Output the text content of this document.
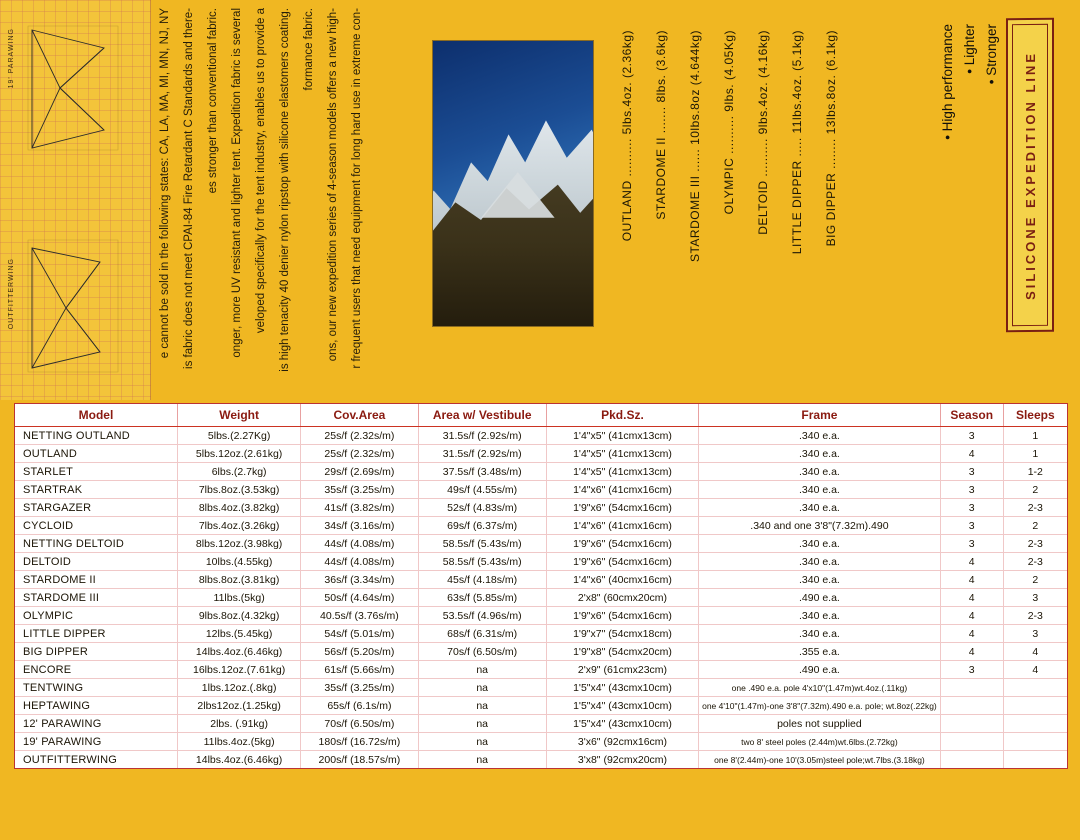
19' PARAWING
OUTFITTERWING	e cannot be sold in the following states: CA, LA, MA, MI, MN, NJ, NY is fabric does not meet CPAI-84 Fire Retardant C Standards and there- es stronger than conventional fabric. onger, more UV resistant and lighter tent. Expedition fabric is several veloped specifically for the tent industry, enables us to provide a is high tenacity 40 denier nylon ripstop with silicone elastomers coating. formance fabric. ons, our new expedition series of 4-season models offers a new high- r frequent users that need equipment for long hard use in extreme con-	OUTLAND .......... 5lbs.4oz. (2.36kg) STARDOME II ....... 8lbs. (3.6kg) STARDOME III ...... 10lbs.8oz (4.644kg) OLYMPIC .......... 9lbs. (4.05Kg) DELTOID .......... 9lbs.4oz. (4.16kg) LITTLE DIPPER ..... 11lbs.4oz. (5.1kg) BIG DIPPER ........ 13lbs.8oz. (6.1kg)	• High performance • Lighter • Stronger
•
SILICONE EXPEDITION LINE
Model	Weight	Cov.Area	Area w/ Vestibule	Pkd.Sz.	Frame	Season	Sleeps
NETTING OUTLAND	5lbs.(2.27Kg)	25s/f (2.32s/m)	31.5s/f (2.92s/m)	1'4"x5" (41cmx13cm)	.340 e.a.	3	1
OUTLAND	5lbs.12oz.(2.61kg)	25s/f (2.32s/m)	31.5s/f (2.92s/m)	1'4"x5" (41cmx13cm)	.340 e.a.	4	1
STARLET	6lbs.(2.7kg)	29s/f (2.69s/m)	37.5s/f (3.48s/m)	1'4"x5" (41cmx13cm)	.340 e.a.	3	1-2
STARTRAK	7lbs.8oz.(3.53kg)	35s/f (3.25s/m)	49s/f (4.55s/m)	1'4"x6" (41cmx16cm)	.340 e.a.	3	2
STARGAZER	8lbs.4oz.(3.82kg)	41s/f (3.82s/m)	52s/f (4.83s/m)	1'9"x6" (54cmx16cm)	.340 e.a.	3	2-3
CYCLOID	7lbs.4oz.(3.26kg)	34s/f (3.16s/m)	69s/f (6.37s/m)	1'4"x6" (41cmx16cm)	.340 and one 3'8"(7.32m).490	3	2
NETTING DELTOID	8lbs.12oz.(3.98kg)	44s/f (4.08s/m)	58.5s/f (5.43s/m)	1'9"x6" (54cmx16cm)	.340 e.a.	3	2-3
DELTOID	10lbs.(4.55kg)	44s/f (4.08s/m)	58.5s/f (5.43s/m)	1'9"x6" (54cmx16cm)	.340 e.a.	4	2-3
STARDOME II	8lbs.8oz.(3.81kg)	36s/f (3.34s/m)	45s/f (4.18s/m)	1'4"x6" (40cmx16cm)	.340 e.a.	4	2
STARDOME III	11lbs.(5kg)	50s/f (4.64s/m)	63s/f (5.85s/m)	2'x8" (60cmx20cm)	.490 e.a.	4	3
OLYMPIC	9lbs.8oz.(4.32kg)	40.5s/f (3.76s/m)	53.5s/f (4.96s/m)	1'9"x6" (54cmx16cm)	.340 e.a.	4	2-3
LITTLE DIPPER	12lbs.(5.45kg)	54s/f (5.01s/m)	68s/f (6.31s/m)	1'9"x7" (54cmx18cm)	.340 e.a.	4	3
BIG DIPPER	14lbs.4oz.(6.46kg)	56s/f (5.20s/m)	70s/f (6.50s/m)	1'9"x8" (54cmx20cm)	.355 e.a.	4	4
ENCORE	16lbs.12oz.(7.61kg)	61s/f (5.66s/m)	na	2'x9" (61cmx23cm)	.490 e.a.	3	4
TENTWING	1lbs.12oz.(.8kg)	35s/f (3.25s/m)	na	1'5"x4" (43cmx10cm)	one .490 e.a. pole 4'x10"(1.47m)wt.4oz.(.11kg)		
HEPTAWING	2lbs12oz.(1.25kg)	65s/f (6.1s/m)	na	1'5"x4" (43cmx10cm)	one 4'10"(1.47m)-one 3'8"(7.32m).490 e.a. pole; wt.8oz(.22kg)		
12' PARAWING	2lbs. (.91kg)	70s/f (6.50s/m)	na	1'5"x4" (43cmx10cm)	poles not supplied		
19' PARAWING	11lbs.4oz.(5kg)	180s/f (16.72s/m)	na	3'x6" (92cmx16cm)	two 8' steel poles (2.44m)wt.6lbs.(2.72kg)		
OUTFITTERWING	14lbs.4oz.(6.46kg)	200s/f (18.57s/m)	na	3'x8" (92cmx20cm)	one 8'(2.44m)-one 10'(3.05m)steel pole;wt.7lbs.(3.18kg)		
